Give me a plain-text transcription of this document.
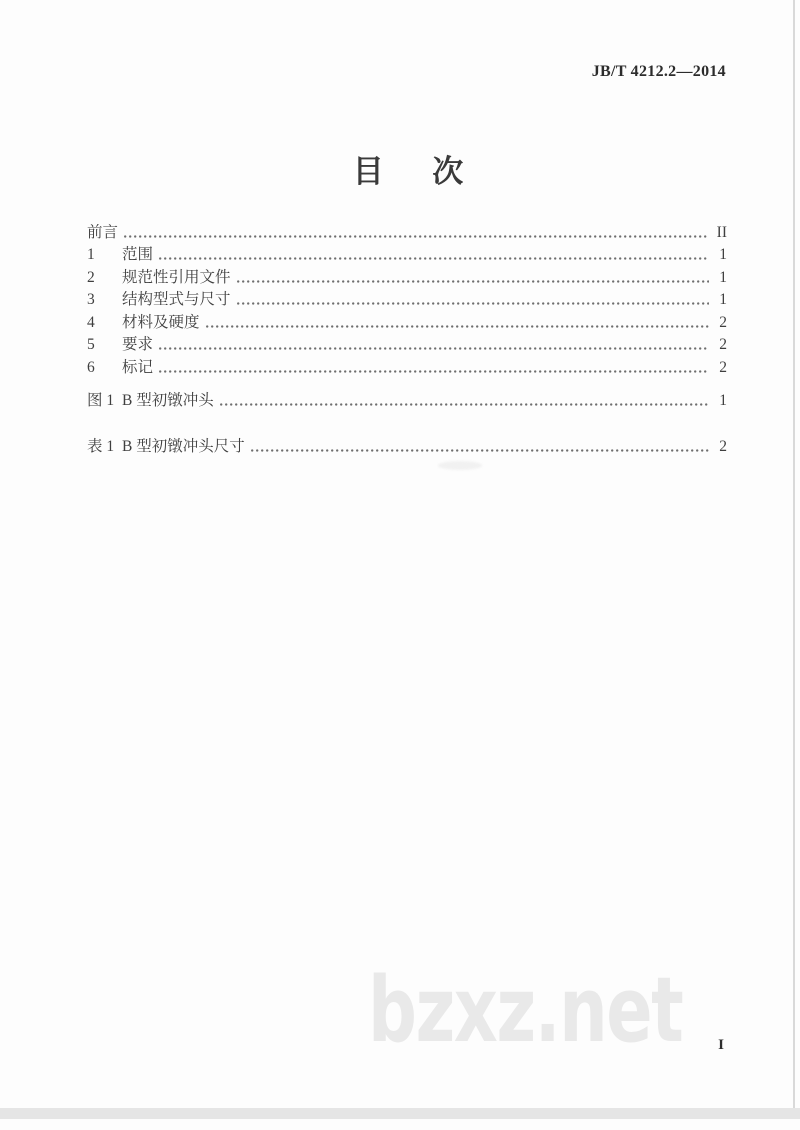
JB/T 4212.2—2014
目 次
前言	II
1	范围	1
2	规范性引用文件	1
3	结构型式与尺寸	1
4	材料及硬度	2
5	要求	2
6	标记	2
图 1 B 型初镦冲头	1
表 1 B 型初镦冲头尺寸	2
bzxz.net I
